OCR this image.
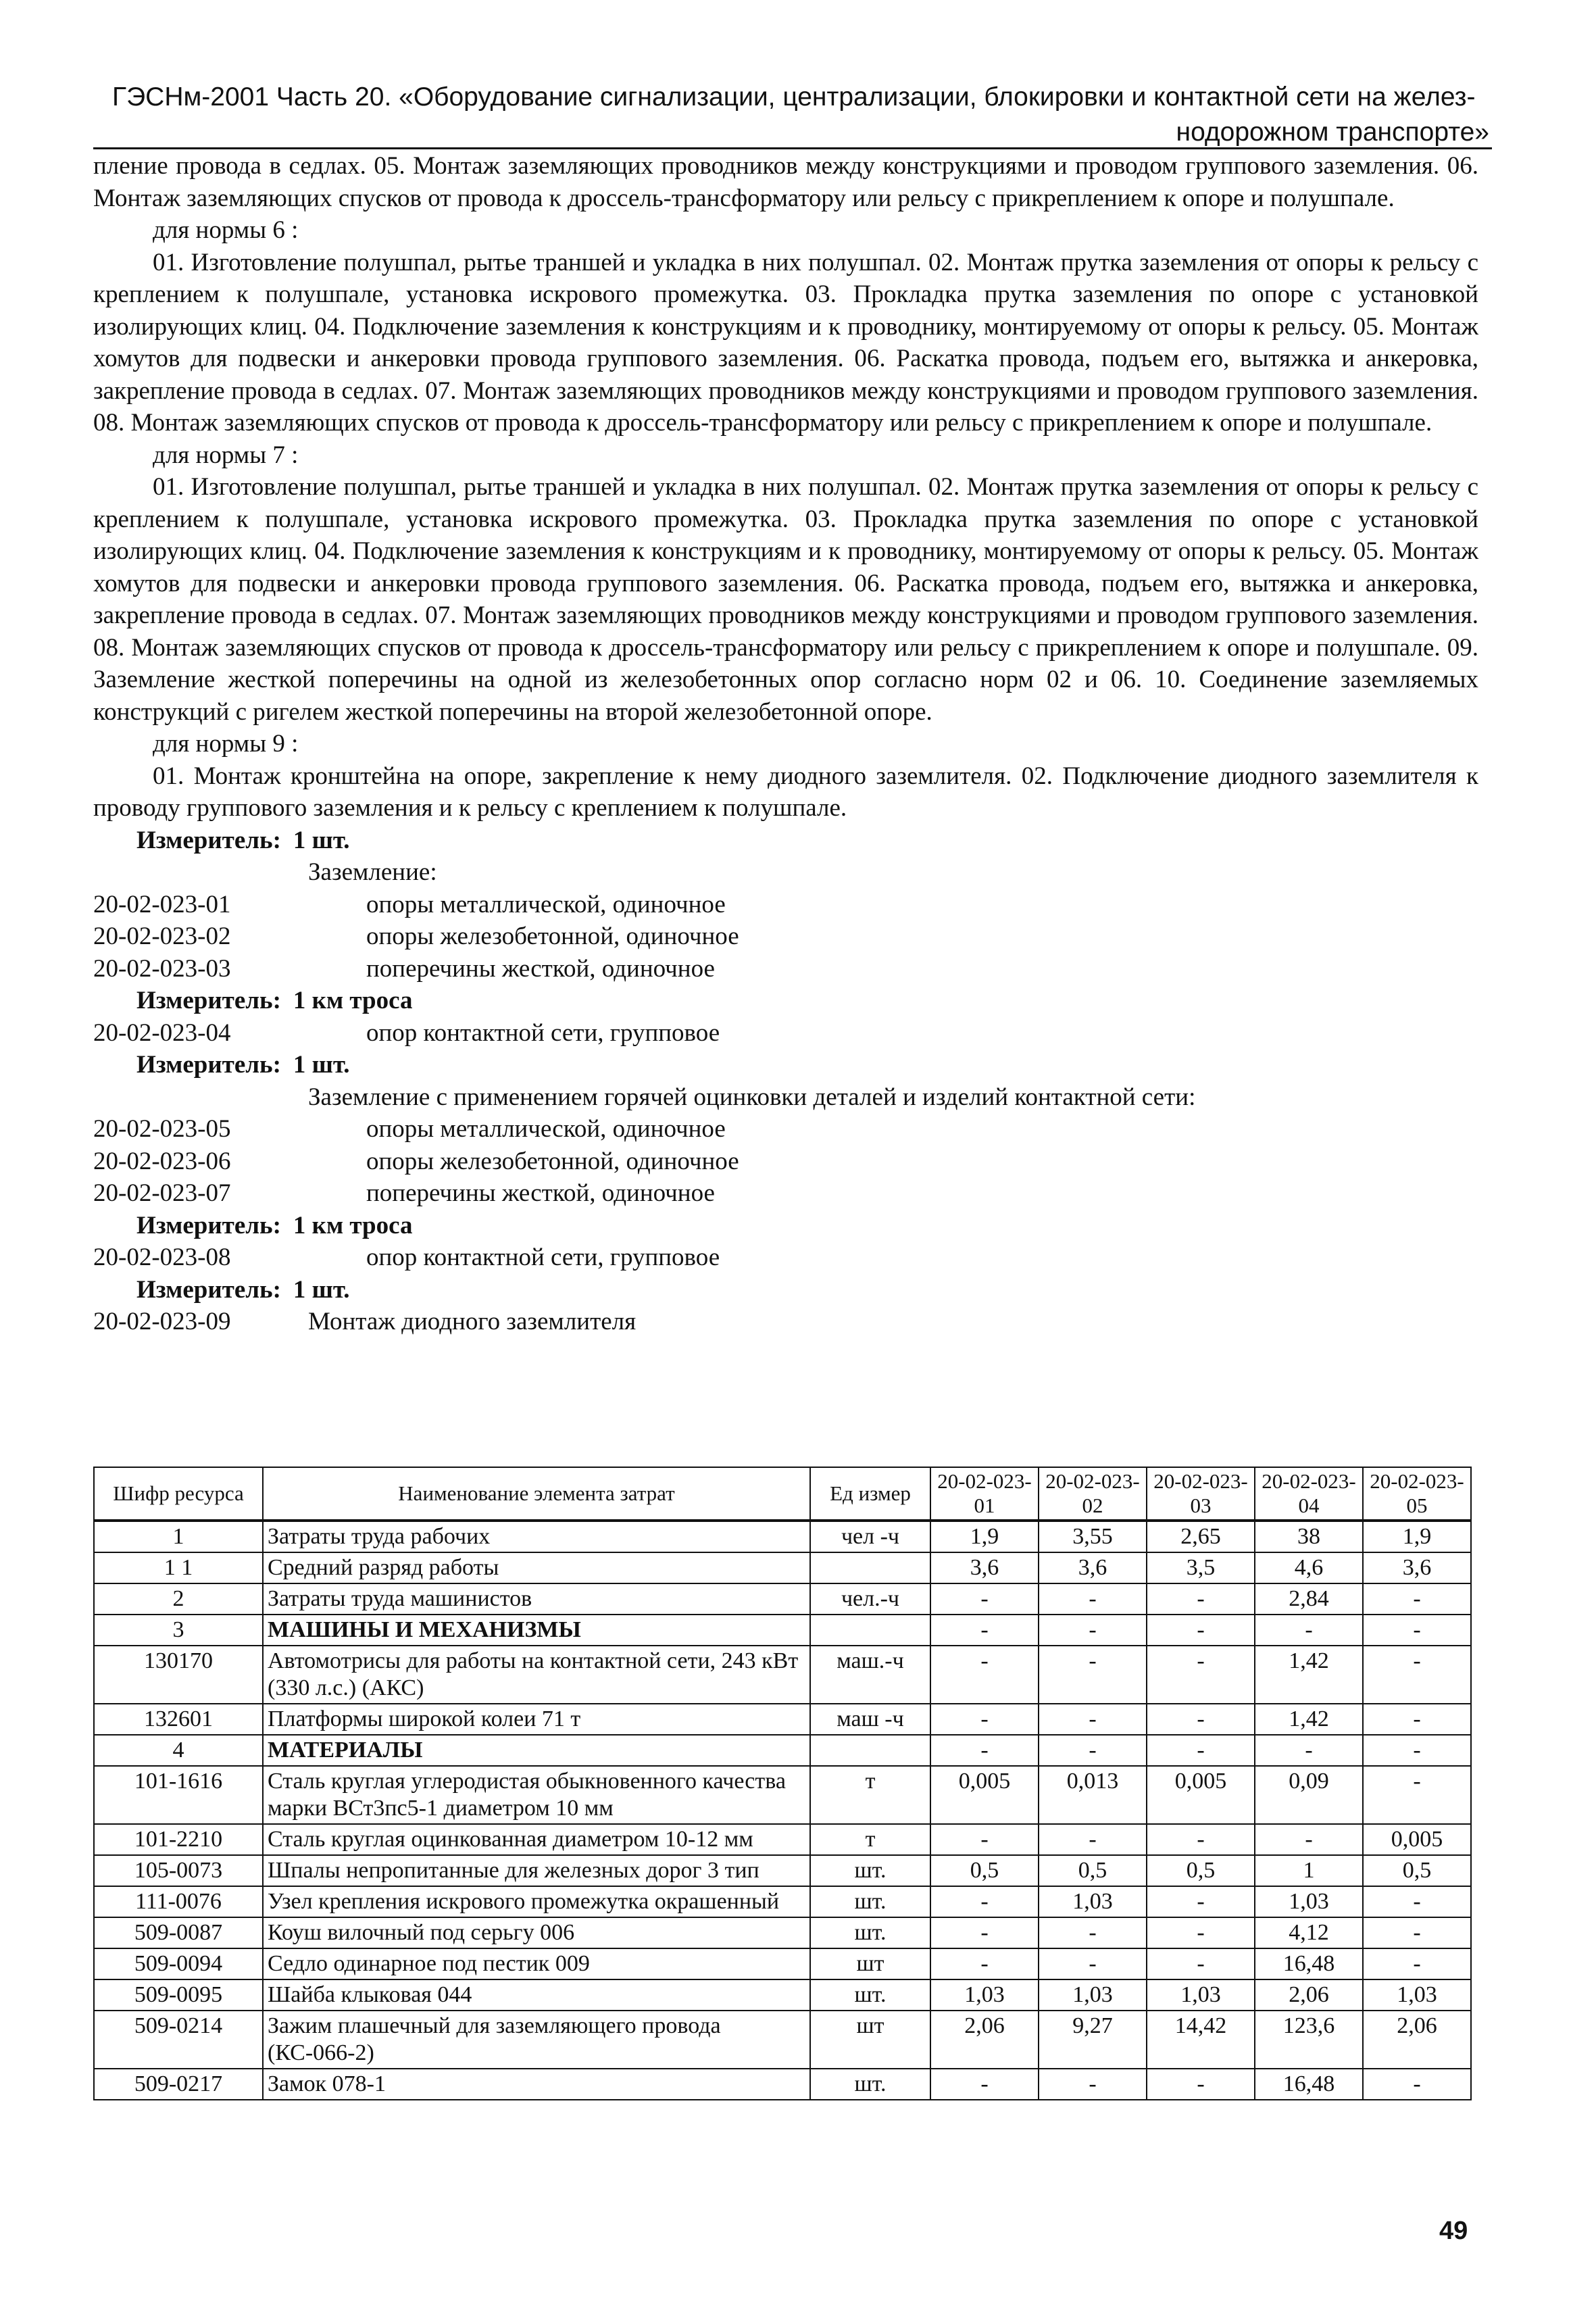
ГЭСНм-2001 Часть 20. «Оборудование сигнализации, централизации, блокировки и контактной сети на желез-
нодорожном транспорте»

пление провода в седлах. 05. Монтаж заземляющих проводников между конструкциями и проводом группового заземления. 06. Монтаж заземляющих спусков от провода к дроссель-трансформатору или рельсу с прикреплением к опоре и полушпале.

для нормы 6 :

01. Изготовление полушпал, рытье траншей и укладка в них полушпал. 02. Монтаж прутка заземления от опоры к рельсу с креплением к полушпале, установка искрового промежутка. 03. Прокладка прутка заземления по опоре с установкой изолирующих клиц. 04. Подключение заземления к конструкциям и к проводнику, монтируемому от опоры к рельсу. 05. Монтаж хомутов для подвески и анкеровки провода группового заземления. 06. Раскатка провода, подъем его, вытяжка и анкеровка, закрепление провода в седлах. 07. Монтаж заземляющих проводников между конструкциями и проводом группового заземления. 08. Монтаж заземляющих спусков от провода к дроссель-трансформатору или рельсу с прикреплением к опоре и полушпале.

для нормы 7 :

01. Изготовление полушпал, рытье траншей и укладка в них полушпал. 02. Монтаж прутка заземления от опоры к рельсу с креплением к полушпале, установка искрового промежутка. 03. Прокладка прутка заземления по опоре с установкой изолирующих клиц. 04. Подключение заземления к конструкциям и к проводнику, монтируемому от опоры к рельсу. 05. Монтаж хомутов для подвески и анкеровки провода группового заземления. 06. Раскатка провода, подъем его, вытяжка и анкеровка, закрепление провода в седлах. 07. Монтаж заземляющих проводников между конструкциями и проводом группового заземления. 08. Монтаж заземляющих спусков от провода к дроссель-трансформатору или рельсу с прикреплением к опоре и полушпале. 09. Заземление жесткой поперечины на одной из железобетонных опор согласно норм 02 и 06. 10. Соединение заземляемых конструкций с ригелем жесткой поперечины на второй железобетонной опоре.

для нормы 9 :

01. Монтаж кронштейна на опоре, закрепление к нему диодного заземлителя. 02. Подключение диодного заземлителя к проводу группового заземления и к рельсу с креплением к полушпале.

Измеритель: 1 шт.
Заземление:
20-02-023-01	опоры металлической, одиночное
20-02-023-02	опоры железобетонной, одиночное
20-02-023-03	поперечины жесткой, одиночное
Измеритель: 1 км троса
20-02-023-04	опор контактной сети, групповое
Измеритель: 1 шт.
Заземление с применением горячей оцинковки деталей и изделий контактной сети:
20-02-023-05	опоры металлической, одиночное
20-02-023-06	опоры железобетонной, одиночное
20-02-023-07	поперечины жесткой, одиночное
Измеритель: 1 км троса
20-02-023-08	опор контактной сети, групповое
Измеритель: 1 шт.
20-02-023-09	Монтаж диодного заземлителя
Шифр ресурса	Наименование элемента затрат	Ед измер	20-02-023-01	20-02-023-02	20-02-023-03	20-02-023-04	20-02-023-05
1	Затраты труда рабочих	чел -ч	1,9	3,55	2,65	38	1,9
1 1	Средний разряд работы		3,6	3,6	3,5	4,6	3,6
2	Затраты труда машинистов	чел.-ч	-	-	-	2,84	-
3	МАШИНЫ И МЕХАНИЗМЫ		-	-	-	-	-
130170	Автомотрисы для работы на контактной сети, 243 кВт (330 л.с.) (АКС)	маш.-ч	-	-	-	1,42	-
132601	Платформы широкой колеи 71 т	маш -ч	-	-	-	1,42	-
4	МАТЕРИАЛЫ		-	-	-	-	-
101-1616	Сталь круглая углеродистая обыкновенного качества марки ВСт3пс5-1 диаметром 10 мм	т	0,005	0,013	0,005	0,09	-
101-2210	Сталь круглая оцинкованная диаметром 10-12 мм	т	-	-	-	-	0,005
105-0073	Шпалы непропитанные для железных дорог 3 тип	шт.	0,5	0,5	0,5	1	0,5
111-0076	Узел крепления искрового промежутка окрашенный	шт.	-	1,03	-	1,03	-
509-0087	Коуш вилочный под серьгу 006	шт.	-	-	-	4,12	-
509-0094	Седло одинарное под пестик 009	шт	-	-	-	16,48	-
509-0095	Шайба клыковая 044	шт.	1,03	1,03	1,03	2,06	1,03
509-0214	Зажим плашечный для заземляющего провода (КС-066-2)	шт	2,06	9,27	14,42	123,6	2,06
509-0217	Замок 078-1	шт.	-	-	-	16,48	-
49
